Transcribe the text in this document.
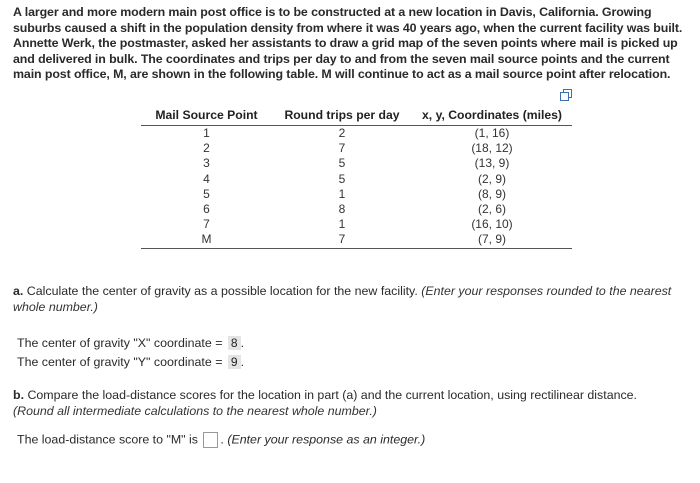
A larger and more modern main post office is to be constructed at a new location in Davis, California. Growing suburbs caused a shift in the population density from where it was 40 years ago, when the current facility was built. Annette Werk, the postmaster, asked her assistants to draw a grid map of the seven points where mail is picked up and delivered in bulk. The coordinates and trips per day to and from the seven mail source points and the current main post office, M, are shown in the following table. M will continue to act as a mail source point after relocation.
Mail Source Point	Round trips per day	x, y, Coordinates (miles)
1	2	(1, 16)
2	7	(18, 12)
3	5	(13, 9)
4	5	(2, 9)
5	1	(8, 9)
6	8	(2, 6)
7	1	(16, 10)
M	7	(7, 9)
a. Calculate the center of gravity as a possible location for the new facility. (Enter your responses rounded to the nearest whole number.)
The center of gravity "X" coordinate = 8 .
The center of gravity "Y" coordinate = 9 .
b. Compare the load-distance scores for the location in part (a) and the current location, using rectilinear distance.
(Round all intermediate calculations to the nearest whole number.)
The load-distance score to "M" is . (Enter your response as an integer.)
